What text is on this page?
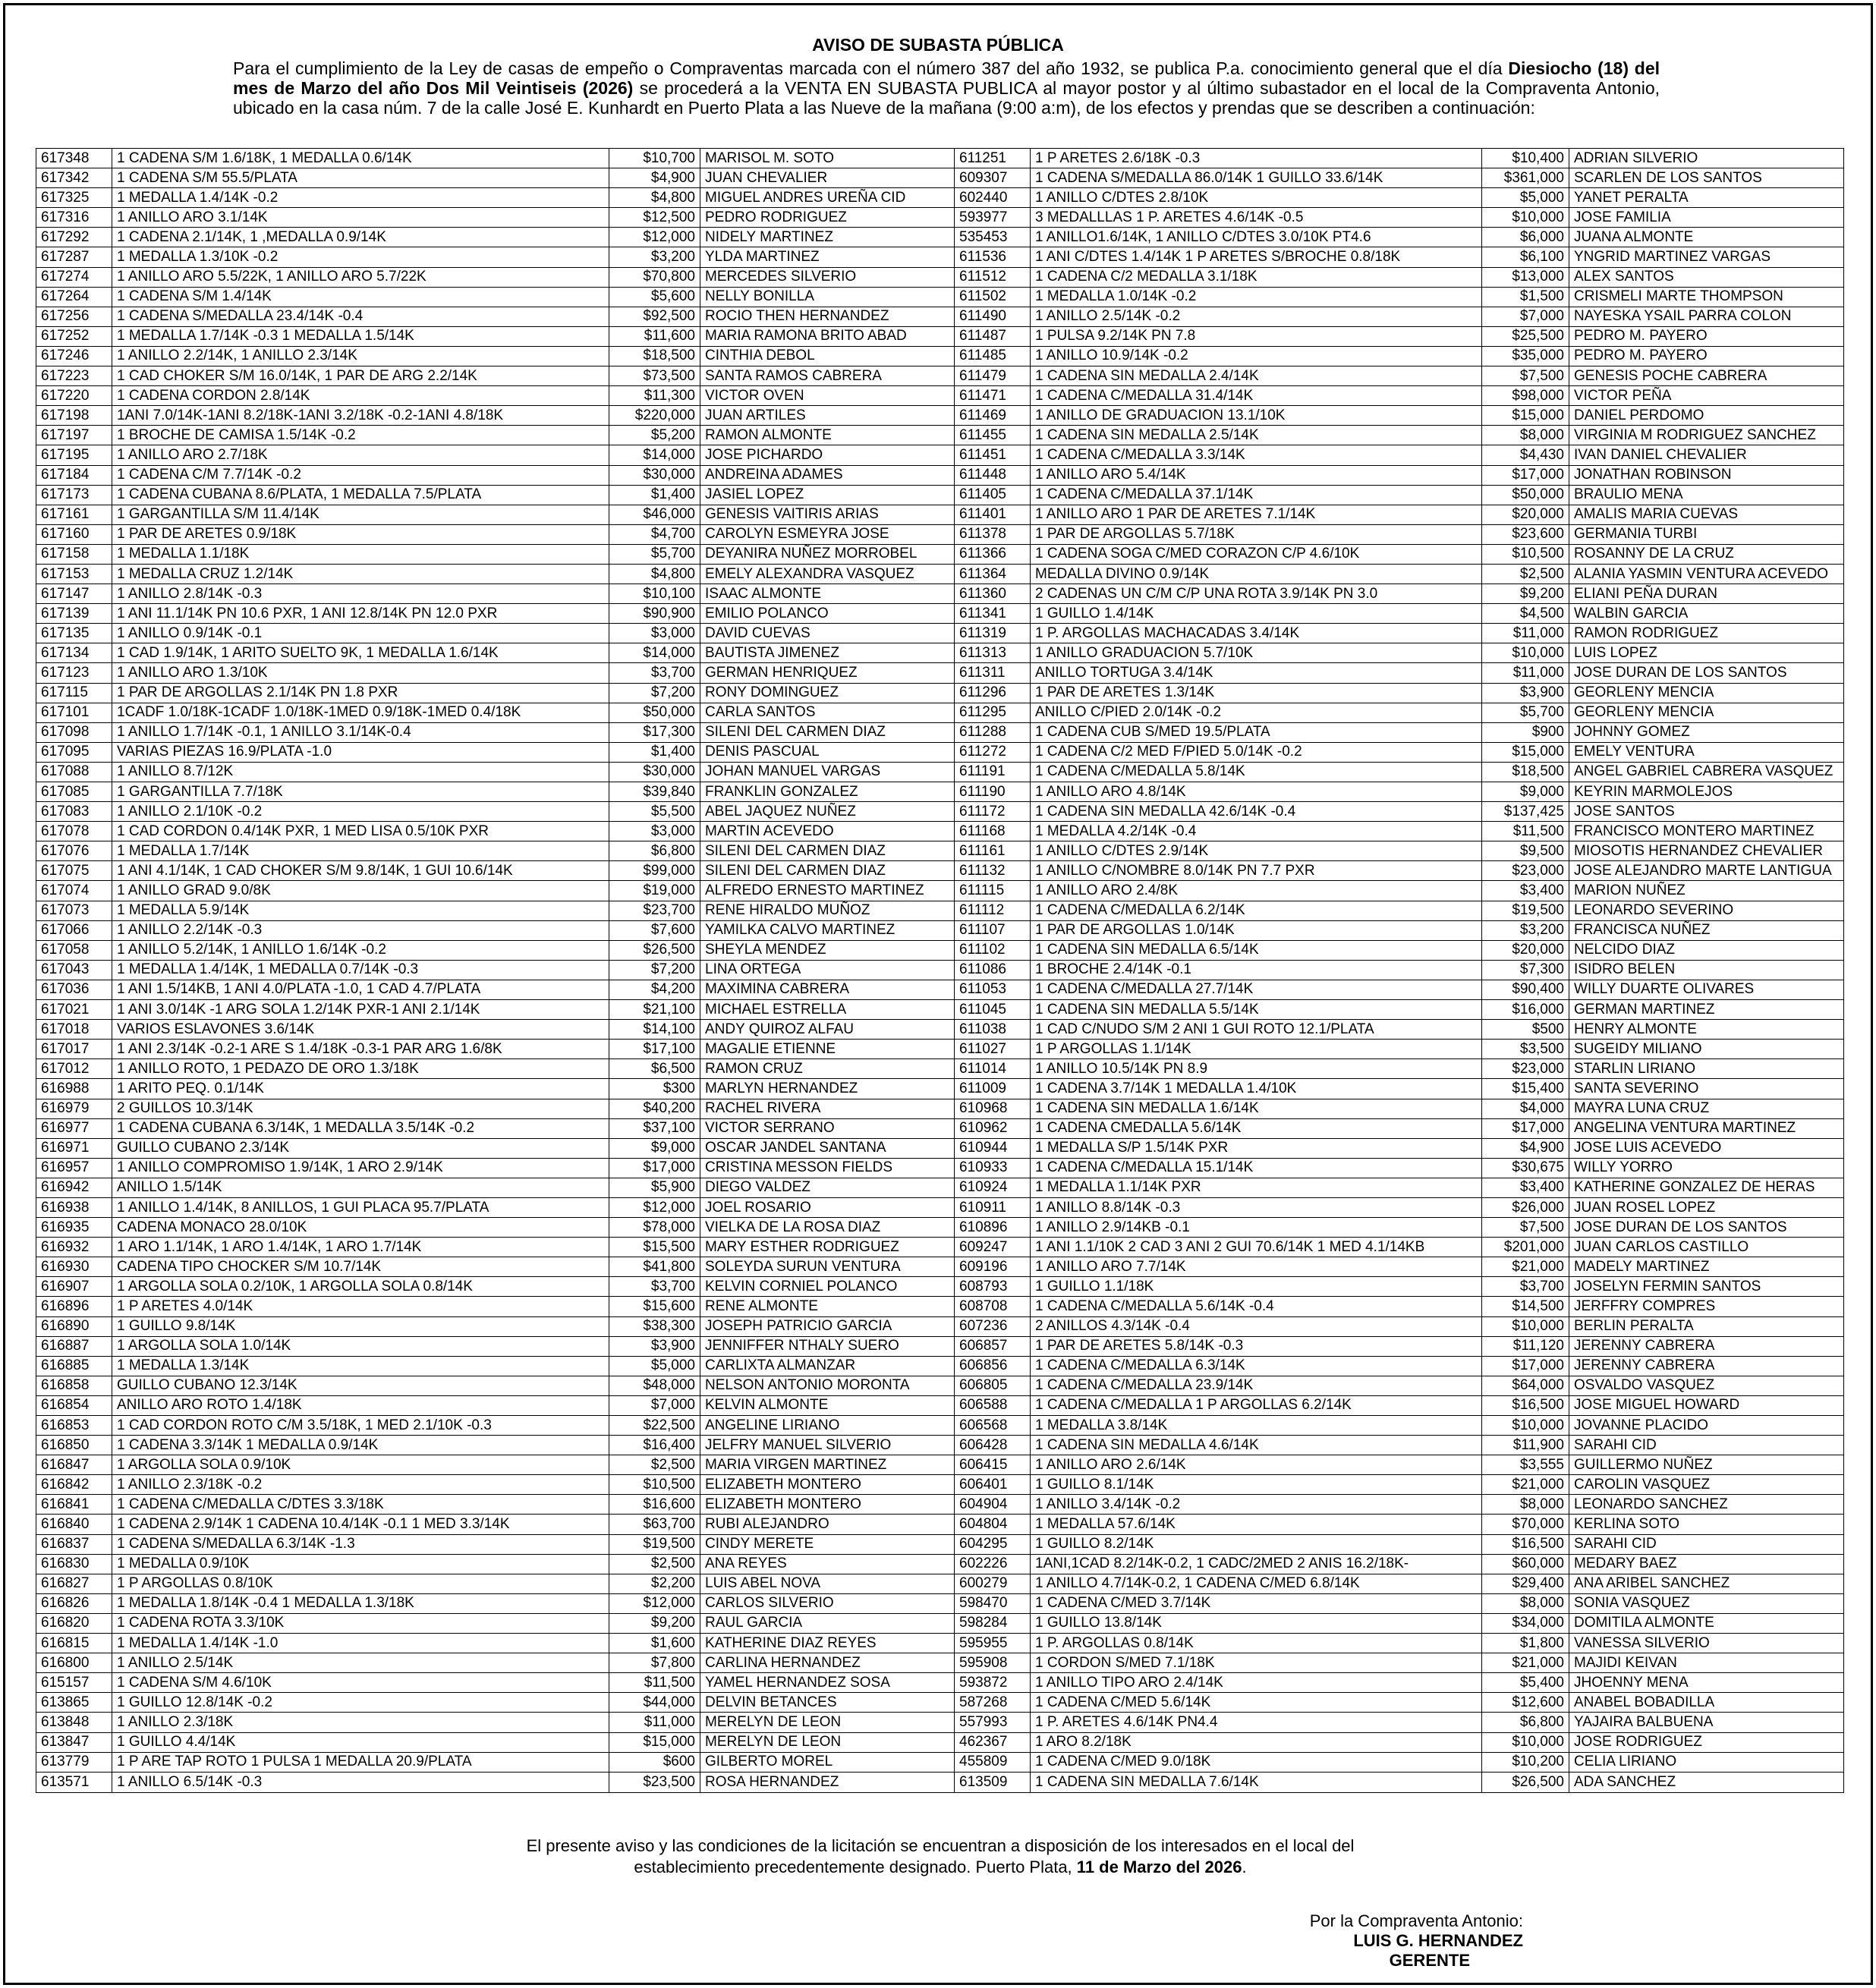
AVISO DE SUBASTA PÚBLICA
Para el cumplimiento de la Ley de casas de empeño o Compraventas marcada con el número 387 del año 1932, se publica P.a. conocimiento general que el día Diesiocho (18) del mes de Marzo del año Dos Mil Veintiseis (2026) se procederá a la VENTA EN SUBASTA PUBLICA al mayor postor y al último subastador en el local de la Compraventa Antonio, ubicado en la casa núm. 7 de la calle José E. Kunhardt en Puerto Plata a las Nueve de la mañana (9:00 a:m), de los efectos y prendas que se describen a continuación:
617348	1 CADENA S/M 1.6/18K, 1 MEDALLA 0.6/14K	$10,700	MARISOL M. SOTO	611251	1 P ARETES 2.6/18K -0.3	$10,400	ADRIAN SILVERIO
617342	1 CADENA S/M 55.5/PLATA	$4,900	JUAN CHEVALIER	609307	1 CADENA S/MEDALLA 86.0/14K 1 GUILLO 33.6/14K	$361,000	SCARLEN DE LOS SANTOS
617325	1 MEDALLA 1.4/14K -0.2	$4,800	MIGUEL ANDRES UREÑA CID	602440	1 ANILLO C/DTES 2.8/10K	$5,000	YANET PERALTA
617316	1 ANILLO ARO 3.1/14K	$12,500	PEDRO RODRIGUEZ	593977	3 MEDALLLAS 1 P. ARETES 4.6/14K -0.5	$10,000	JOSE FAMILIA
617292	1 CADENA 2.1/14K, 1 ,MEDALLA 0.9/14K	$12,000	NIDELY MARTINEZ	535453	1 ANILLO1.6/14K, 1 ANILLO C/DTES 3.0/10K PT4.6	$6,000	JUANA ALMONTE
617287	1 MEDALLA 1.3/10K -0.2	$3,200	YLDA MARTINEZ	611536	1 ANI C/DTES 1.4/14K 1 P ARETES S/BROCHE 0.8/18K	$6,100	YNGRID MARTINEZ VARGAS
617274	1 ANILLO ARO 5.5/22K, 1 ANILLO ARO 5.7/22K	$70,800	MERCEDES SILVERIO	611512	1 CADENA C/2 MEDALLA 3.1/18K	$13,000	ALEX SANTOS
617264	1 CADENA S/M 1.4/14K	$5,600	NELLY BONILLA	611502	1 MEDALLA 1.0/14K -0.2	$1,500	CRISMELI MARTE THOMPSON
617256	1 CADENA S/MEDALLA 23.4/14K -0.4	$92,500	ROCIO THEN HERNANDEZ	611490	1 ANILLO 2.5/14K -0.2	$7,000	NAYESKA YSAIL PARRA COLON
617252	1 MEDALLA 1.7/14K -0.3 1 MEDALLA 1.5/14K	$11,600	MARIA RAMONA BRITO ABAD	611487	1 PULSA 9.2/14K PN 7.8	$25,500	PEDRO M. PAYERO
617246	1 ANILLO 2.2/14K, 1 ANILLO 2.3/14K	$18,500	CINTHIA DEBOL	611485	1 ANILLO 10.9/14K -0.2	$35,000	PEDRO M. PAYERO
617223	1 CAD CHOKER S/M 16.0/14K, 1 PAR DE ARG 2.2/14K	$73,500	SANTA RAMOS CABRERA	611479	1 CADENA SIN MEDALLA 2.4/14K	$7,500	GENESIS POCHE CABRERA
617220	1 CADENA CORDON 2.8/14K	$11,300	VICTOR OVEN	611471	1 CADENA C/MEDALLA 31.4/14K	$98,000	VICTOR PEÑA
617198	1ANI 7.0/14K-1ANI 8.2/18K-1ANI 3.2/18K -0.2-1ANI 4.8/18K	$220,000	JUAN ARTILES	611469	1 ANILLO DE GRADUACION 13.1/10K	$15,000	DANIEL PERDOMO
617197	1 BROCHE DE CAMISA 1.5/14K -0.2	$5,200	RAMON ALMONTE	611455	1 CADENA SIN MEDALLA 2.5/14K	$8,000	VIRGINIA M RODRIGUEZ SANCHEZ
617195	1 ANILLO ARO 2.7/18K	$14,000	JOSE PICHARDO	611451	1 CADENA C/MEDALLA 3.3/14K	$4,430	IVAN DANIEL CHEVALIER
617184	1 CADENA C/M 7.7/14K -0.2	$30,000	ANDREINA ADAMES	611448	1 ANILLO ARO 5.4/14K	$17,000	JONATHAN ROBINSON
617173	1 CADENA CUBANA 8.6/PLATA, 1 MEDALLA 7.5/PLATA	$1,400	JASIEL LOPEZ	611405	1 CADENA C/MEDALLA 37.1/14K	$50,000	BRAULIO MENA
617161	1 GARGANTILLA S/M 11.4/14K	$46,000	GENESIS VAITIRIS ARIAS	611401	1 ANILLO ARO 1 PAR DE ARETES 7.1/14K	$20,000	AMALIS MARIA CUEVAS
617160	1 PAR DE ARETES 0.9/18K	$4,700	CAROLYN ESMEYRA JOSE	611378	1 PAR DE ARGOLLAS 5.7/18K	$23,600	GERMANIA TURBI
617158	1 MEDALLA 1.1/18K	$5,700	DEYANIRA NUÑEZ MORROBEL	611366	1 CADENA SOGA C/MED CORAZON C/P 4.6/10K	$10,500	ROSANNY DE LA CRUZ
617153	1 MEDALLA CRUZ 1.2/14K	$4,800	EMELY ALEXANDRA VASQUEZ	611364	MEDALLA DIVINO 0.9/14K	$2,500	ALANIA YASMIN VENTURA ACEVEDO
617147	1 ANILLO 2.8/14K -0.3	$10,100	ISAAC ALMONTE	611360	2 CADENAS UN C/M C/P UNA ROTA 3.9/14K PN 3.0	$9,200	ELIANI PEÑA DURAN
617139	1 ANI 11.1/14K PN 10.6 PXR, 1 ANI 12.8/14K PN 12.0 PXR	$90,900	EMILIO POLANCO	611341	1 GUILLO 1.4/14K	$4,500	WALBIN GARCIA
617135	1 ANILLO 0.9/14K -0.1	$3,000	DAVID CUEVAS	611319	1 P. ARGOLLAS MACHACADAS 3.4/14K	$11,000	RAMON RODRIGUEZ
617134	1 CAD 1.9/14K, 1 ARITO SUELTO 9K, 1 MEDALLA 1.6/14K	$14,000	BAUTISTA JIMENEZ	611313	1 ANILLO GRADUACION 5.7/10K	$10,000	LUIS LOPEZ
617123	1 ANILLO ARO 1.3/10K	$3,700	GERMAN HENRIQUEZ	611311	ANILLO TORTUGA 3.4/14K	$11,000	JOSE DURAN DE LOS SANTOS
617115	1 PAR DE ARGOLLAS 2.1/14K PN 1.8 PXR	$7,200	RONY DOMINGUEZ	611296	1 PAR DE ARETES 1.3/14K	$3,900	GEORLENY MENCIA
617101	1CADF 1.0/18K-1CADF 1.0/18K-1MED 0.9/18K-1MED 0.4/18K	$50,000	CARLA SANTOS	611295	ANILLO C/PIED 2.0/14K -0.2	$5,700	GEORLENY MENCIA
617098	1 ANILLO 1.7/14K -0.1, 1 ANILLO 3.1/14K-0.4	$17,300	SILENI DEL CARMEN DIAZ	611288	1 CADENA CUB S/MED 19.5/PLATA	$900	JOHNNY GOMEZ
617095	VARIAS PIEZAS 16.9/PLATA -1.0	$1,400	DENIS PASCUAL	611272	1 CADENA C/2 MED F/PIED 5.0/14K -0.2	$15,000	EMELY VENTURA
617088	1 ANILLO 8.7/12K	$30,000	JOHAN MANUEL VARGAS	611191	1 CADENA C/MEDALLA 5.8/14K	$18,500	ANGEL GABRIEL CABRERA VASQUEZ
617085	1 GARGANTILLA 7.7/18K	$39,840	FRANKLIN GONZALEZ	611190	1 ANILLO ARO 4.8/14K	$9,000	KEYRIN MARMOLEJOS
617083	1 ANILLO 2.1/10K -0.2	$5,500	ABEL JAQUEZ NUÑEZ	611172	1 CADENA SIN MEDALLA 42.6/14K -0.4	$137,425	JOSE SANTOS
617078	1 CAD CORDON 0.4/14K PXR, 1 MED LISA 0.5/10K PXR	$3,000	MARTIN ACEVEDO	611168	1 MEDALLA 4.2/14K -0.4	$11,500	FRANCISCO MONTERO MARTINEZ
617076	1 MEDALLA 1.7/14K	$6,800	SILENI DEL CARMEN DIAZ	611161	1 ANILLO C/DTES 2.9/14K	$9,500	MIOSOTIS HERNANDEZ CHEVALIER
617075	1 ANI 4.1/14K, 1 CAD CHOKER S/M 9.8/14K, 1 GUI 10.6/14K	$99,000	SILENI DEL CARMEN DIAZ	611132	1 ANILLO C/NOMBRE 8.0/14K PN 7.7 PXR	$23,000	JOSE ALEJANDRO MARTE LANTIGUA
617074	1 ANILLO GRAD 9.0/8K	$19,000	ALFREDO ERNESTO MARTINEZ	611115	1 ANILLO ARO 2.4/8K	$3,400	MARION NUÑEZ
617073	1 MEDALLA 5.9/14K	$23,700	RENE HIRALDO MUÑOZ	611112	1 CADENA C/MEDALLA 6.2/14K	$19,500	LEONARDO SEVERINO
617066	1 ANILLO 2.2/14K -0.3	$7,600	YAMILKA CALVO MARTINEZ	611107	1 PAR DE ARGOLLAS 1.0/14K	$3,200	FRANCISCA NUÑEZ
617058	1 ANILLO 5.2/14K, 1 ANILLO 1.6/14K -0.2	$26,500	SHEYLA MENDEZ	611102	1 CADENA SIN MEDALLA 6.5/14K	$20,000	NELCIDO DIAZ
617043	1 MEDALLA 1.4/14K, 1 MEDALLA 0.7/14K -0.3	$7,200	LINA ORTEGA	611086	1 BROCHE 2.4/14K -0.1	$7,300	ISIDRO BELEN
617036	1 ANI 1.5/14KB, 1 ANI 4.0/PLATA -1.0, 1 CAD 4.7/PLATA	$4,200	MAXIMINA CABRERA	611053	1 CADENA C/MEDALLA 27.7/14K	$90,400	WILLY DUARTE OLIVARES
617021	1 ANI 3.0/14K -1 ARG SOLA 1.2/14K PXR-1 ANI 2.1/14K	$21,100	MICHAEL ESTRELLA	611045	1 CADENA SIN MEDALLA 5.5/14K	$16,000	GERMAN MARTINEZ
617018	VARIOS ESLAVONES 3.6/14K	$14,100	ANDY QUIROZ ALFAU	611038	1 CAD C/NUDO S/M 2 ANI 1 GUI ROTO 12.1/PLATA	$500	HENRY ALMONTE
617017	1 ANI 2.3/14K -0.2-1 ARE S 1.4/18K -0.3-1 PAR ARG 1.6/8K	$17,100	MAGALIE ETIENNE	611027	1 P ARGOLLAS 1.1/14K	$3,500	SUGEIDY MILIANO
617012	1 ANILLO ROTO, 1 PEDAZO DE ORO 1.3/18K	$6,500	RAMON CRUZ	611014	1 ANILLO 10.5/14K PN 8.9	$23,000	STARLIN LIRIANO
616988	1 ARITO PEQ. 0.1/14K	$300	MARLYN HERNANDEZ	611009	1 CADENA 3.7/14K 1 MEDALLA 1.4/10K	$15,400	SANTA SEVERINO
616979	2 GUILLOS 10.3/14K	$40,200	RACHEL RIVERA	610968	1 CADENA SIN MEDALLA 1.6/14K	$4,000	MAYRA LUNA CRUZ
616977	1 CADENA CUBANA 6.3/14K, 1 MEDALLA 3.5/14K -0.2	$37,100	VICTOR SERRANO	610962	1 CADENA CMEDALLA 5.6/14K	$17,000	ANGELINA VENTURA MARTINEZ
616971	GUILLO CUBANO 2.3/14K	$9,000	OSCAR JANDEL SANTANA	610944	1 MEDALLA S/P 1.5/14K PXR	$4,900	JOSE LUIS ACEVEDO
616957	1 ANILLO COMPROMISO 1.9/14K, 1 ARO 2.9/14K	$17,000	CRISTINA MESSON FIELDS	610933	1 CADENA C/MEDALLA 15.1/14K	$30,675	WILLY YORRO
616942	ANILLO 1.5/14K	$5,900	DIEGO VALDEZ	610924	1 MEDALLA 1.1/14K PXR	$3,400	KATHERINE GONZALEZ DE HERAS
616938	1 ANILLO 1.4/14K, 8 ANILLOS, 1 GUI PLACA 95.7/PLATA	$12,000	JOEL ROSARIO	610911	1 ANILLO 8.8/14K -0.3	$26,000	JUAN ROSEL LOPEZ
616935	CADENA MONACO 28.0/10K	$78,000	VIELKA DE LA ROSA DIAZ	610896	1 ANILLO 2.9/14KB -0.1	$7,500	JOSE DURAN DE LOS SANTOS
616932	1 ARO 1.1/14K, 1 ARO 1.4/14K, 1 ARO 1.7/14K	$15,500	MARY ESTHER RODRIGUEZ	609247	1 ANI 1.1/10K 2 CAD 3 ANI 2 GUI 70.6/14K 1 MED 4.1/14KB	$201,000	JUAN CARLOS CASTILLO
616930	CADENA TIPO CHOCKER S/M 10.7/14K	$41,800	SOLEYDA SURUN VENTURA	609196	1 ANILLO ARO 7.7/14K	$21,000	MADELY MARTINEZ
616907	1 ARGOLLA SOLA 0.2/10K, 1 ARGOLLA SOLA 0.8/14K	$3,700	KELVIN CORNIEL POLANCO	608793	1 GUILLO 1.1/18K	$3,700	JOSELYN FERMIN SANTOS
616896	1 P ARETES 4.0/14K	$15,600	RENE ALMONTE	608708	1 CADENA C/MEDALLA 5.6/14K -0.4	$14,500	JERFFRY COMPRES
616890	1 GUILLO 9.8/14K	$38,300	JOSEPH PATRICIO GARCIA	607236	2 ANILLOS 4.3/14K -0.4	$10,000	BERLIN PERALTA
616887	1 ARGOLLA SOLA 1.0/14K	$3,900	JENNIFFER NTHALY SUERO	606857	1 PAR DE ARETES 5.8/14K -0.3	$11,120	JERENNY CABRERA
616885	1 MEDALLA 1.3/14K	$5,000	CARLIXTA ALMANZAR	606856	1 CADENA C/MEDALLA 6.3/14K	$17,000	JERENNY CABRERA
616858	GUILLO CUBANO 12.3/14K	$48,000	NELSON ANTONIO MORONTA	606805	1 CADENA C/MEDALLA 23.9/14K	$64,000	OSVALDO VASQUEZ
616854	ANILLO ARO ROTO 1.4/18K	$7,000	KELVIN ALMONTE	606588	1 CADENA C/MEDALLA 1 P ARGOLLAS 6.2/14K	$16,500	JOSE MIGUEL HOWARD
616853	1 CAD CORDON ROTO C/M 3.5/18K, 1 MED 2.1/10K -0.3	$22,500	ANGELINE LIRIANO	606568	1 MEDALLA 3.8/14K	$10,000	JOVANNE PLACIDO
616850	1 CADENA 3.3/14K 1 MEDALLA 0.9/14K	$16,400	JELFRY MANUEL SILVERIO	606428	1 CADENA SIN MEDALLA 4.6/14K	$11,900	SARAHI CID
616847	1 ARGOLLA SOLA 0.9/10K	$2,500	MARIA VIRGEN MARTINEZ	606415	1 ANILLO ARO 2.6/14K	$3,555	GUILLERMO NUÑEZ
616842	1 ANILLO 2.3/18K -0.2	$10,500	ELIZABETH MONTERO	606401	1 GUILLO 8.1/14K	$21,000	CAROLIN VASQUEZ
616841	1 CADENA C/MEDALLA C/DTES 3.3/18K	$16,600	ELIZABETH MONTERO	604904	1 ANILLO 3.4/14K -0.2	$8,000	LEONARDO SANCHEZ
616840	1 CADENA 2.9/14K 1 CADENA 10.4/14K -0.1 1 MED 3.3/14K	$63,700	RUBI ALEJANDRO	604804	1 MEDALLA 57.6/14K	$70,000	KERLINA SOTO
616837	1 CADENA S/MEDALLA 6.3/14K -1.3	$19,500	CINDY MERETE	604295	1 GUILLO 8.2/14K	$16,500	SARAHI CID
616830	1 MEDALLA 0.9/10K	$2,500	ANA REYES	602226	1ANI,1CAD 8.2/14K-0.2, 1 CADC/2MED 2 ANIS 16.2/18K-	$60,000	MEDARY BAEZ
616827	1 P ARGOLLAS 0.8/10K	$2,200	LUIS ABEL NOVA	600279	1 ANILLO 4.7/14K-0.2, 1 CADENA C/MED 6.8/14K	$29,400	ANA ARIBEL SANCHEZ
616826	1 MEDALLA 1.8/14K -0.4 1 MEDALLA 1.3/18K	$12,000	CARLOS SILVERIO	598470	1 CADENA C/MED 3.7/14K	$8,000	SONIA VASQUEZ
616820	1 CADENA ROTA 3.3/10K	$9,200	RAUL GARCIA	598284	1 GUILLO 13.8/14K	$34,000	DOMITILA ALMONTE
616815	1 MEDALLA 1.4/14K -1.0	$1,600	KATHERINE DIAZ REYES	595955	1 P. ARGOLLAS 0.8/14K	$1,800	VANESSA SILVERIO
616800	1 ANILLO 2.5/14K	$7,800	CARLINA HERNANDEZ	595908	1 CORDON S/MED 7.1/18K	$21,000	MAJIDI KEIVAN
615157	1 CADENA S/M 4.6/10K	$11,500	YAMEL HERNANDEZ SOSA	593872	1 ANILLO TIPO ARO 2.4/14K	$5,400	JHOENNY MENA
613865	1 GUILLO 12.8/14K -0.2	$44,000	DELVIN BETANCES	587268	1 CADENA C/MED 5.6/14K	$12,600	ANABEL BOBADILLA
613848	1 ANILLO 2.3/18K	$11,000	MERELYN DE LEON	557993	1 P. ARETES 4.6/14K PN4.4	$6,800	YAJAIRA BALBUENA
613847	1 GUILLO 4.4/14K	$15,000	MERELYN DE LEON	462367	1 ARO 8.2/18K	$10,000	JOSE RODRIGUEZ
613779	1 P ARE TAP ROTO 1 PULSA 1 MEDALLA 20.9/PLATA	$600	GILBERTO MOREL	455809	1 CADENA C/MED 9.0/18K	$10,200	CELIA LIRIANO
613571	1 ANILLO 6.5/14K -0.3	$23,500	ROSA HERNANDEZ	613509	1 CADENA SIN MEDALLA 7.6/14K	$26,500	ADA SANCHEZ
El presente aviso y las condiciones de la licitación se encuentran a disposición de los interesados en el local del
establecimiento precedentemente designado. Puerto Plata, 11 de Marzo del 2026.
Por la Compraventa Antonio:
LUIS G. HERNANDEZ
GERENTE
